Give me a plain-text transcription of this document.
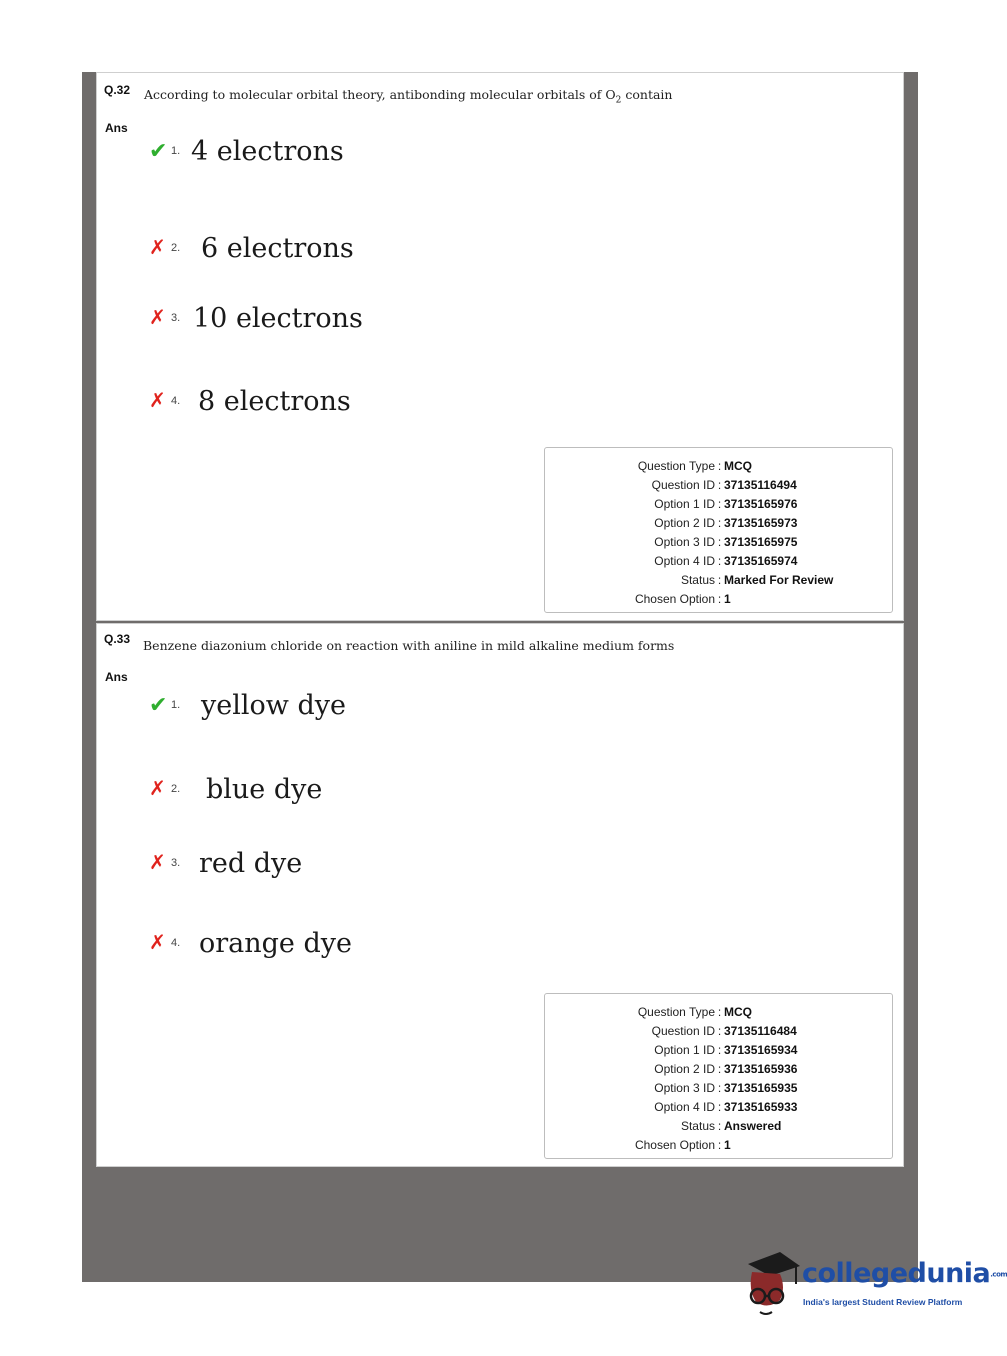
Q.32 According to molecular orbital theory, antibonding molecular orbitals of $O_2$ contain
Ans
✔ 1. 4 electrons
✗ 2. 6 electrons
✗ 3. 10 electrons
✗ 4. 8 electrons
Question Type : MCQ
Question ID : 37135116494
Option 1 ID : 37135165976
Option 2 ID : 37135165973
Option 3 ID : 37135165975
Option 4 ID : 37135165974
Status : Marked For Review
Chosen Option : 1
Q.33 Benzene diazonium chloride on reaction with aniline in mild alkaline medium forms
Ans
✔ 1. yellow dye
✗ 2. blue dye
✗ 3. red dye
✗ 4. orange dye
Question Type : MCQ
Question ID : 37135116484
Option 1 ID : 37135165934
Option 2 ID : 37135165936
Option 3 ID : 37135165935
Option 4 ID : 37135165933
Status : Answered
Chosen Option : 1
collegedunia.com
India's largest Student Review Platform
